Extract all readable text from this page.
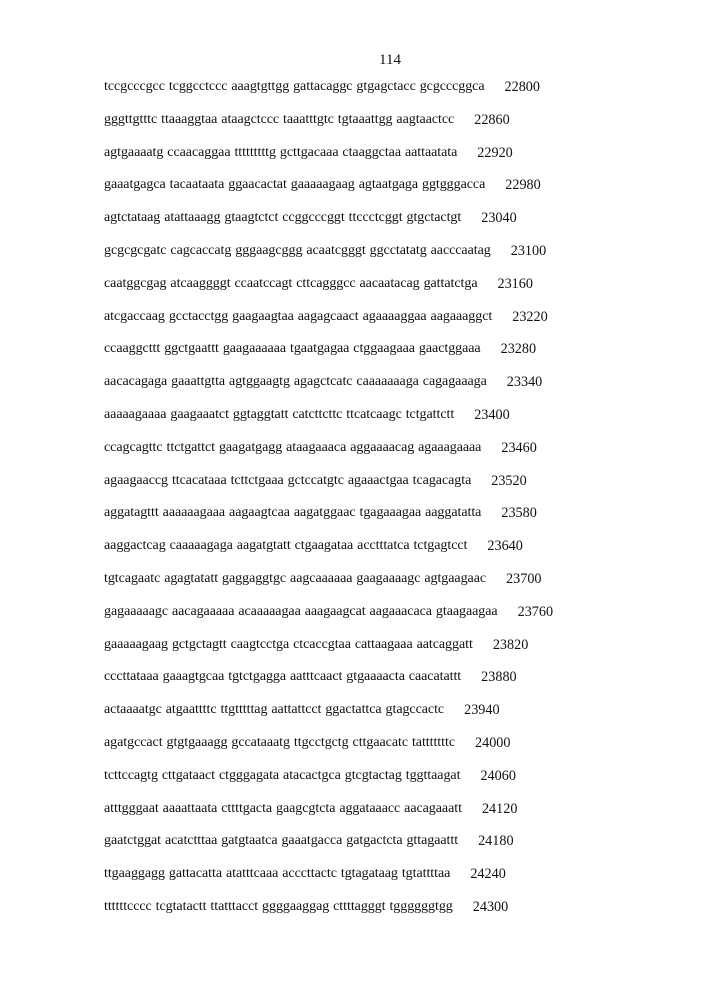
114
tccgcccgcc tcggcctccc aaagtgttgg gattacaggc gtgagctacc gcgcccggca 22800
gggttgtttc ttaaaggtaa ataagctccc taaatttgtc tgtaaattgg aagtaactcc 22860
agtgaaaatg ccaacaggaa tttttttttg gcttgacaaa ctaaggctaa aattaatata 22920
gaaatgagca tacaataata ggaacactat gaaaaagaag agtaatgaga ggtgggacca 22980
agtctataag atattaaagg gtaagtctct ccggcccggt ttccctcggt gtgctactgt 23040
gcgcgcgatc cagcaccatg gggaagcggg acaatcgggt ggcctatatg aacccaatag 23100
caatggcgag atcaaggggt ccaatccagt cttcagggcc aacaatacag gattatctga 23160
atcgaccaag gcctacctgg gaagaagtaa aagagcaact agaaaaggaa aagaaaggct 23220
ccaaggcttt ggctgaattt gaagaaaaaa tgaatgagaa ctggaagaaa gaactggaaa 23280
aacacagaga gaaattgtta agtggaagtg agagctcatc caaaaaaaga cagagaaaga 23340
aaaaagaaaa gaagaaatct ggtaggtatt catcttcttc ttcatcaagc tctgattctt 23400
ccagcagttc ttctgattct gaagatgagg ataagaaaca aggaaaacag agaaagaaaa 23460
agaagaaccg ttcacataaa tcttctgaaa gctccatgtc agaaactgaa tcagacagta 23520
aggatagttt aaaaaagaaa aagaagtcaa aagatggaac tgagaaagaa aaggatatta 23580
aaggactcag caaaaagaga aagatgtatt ctgaagataa acctttatca tctgagtcct 23640
tgtcagaatc agagtatatt gaggaggtgc aagcaaaaaa gaagaaaagc agtgaagaac 23700
gagaaaaagc aacagaaaaa acaaaaagaa aaagaagcat aagaaacaca gtaagaagaa 23760
gaaaaagaag gctgctagtt caagtcctga ctcaccgtaa cattaagaaa aatcaggatt 23820
cccttataaa gaaagtgcaa tgtctgagga aatttcaact gtgaaaacta caacatattt 23880
actaaaatgc atgaattttc ttgtttttag aattattcct ggactattca gtagccactc 23940
agatgccact gtgtgaaagg gccataaatg ttgcctgctg cttgaacatc tatttttttc 24000
tcttccagtg cttgataact ctgggagata atacactgca gtcgtactag tggttaagat 24060
atttgggaat aaaattaata cttttgacta gaagcgtcta aggataaacc aacagaaatt 24120
gaatctggat acatctttaa gatgtaatca gaaatgacca gatgactcta gttagaattt 24180
ttgaaggagg gattacatta atatttcaaa acccttactc tgtagataag tgtattttaa 24240
ttttttcccc tcgtatactt ttatttacct ggggaaggag cttttagggt tggggggtgg 24300
